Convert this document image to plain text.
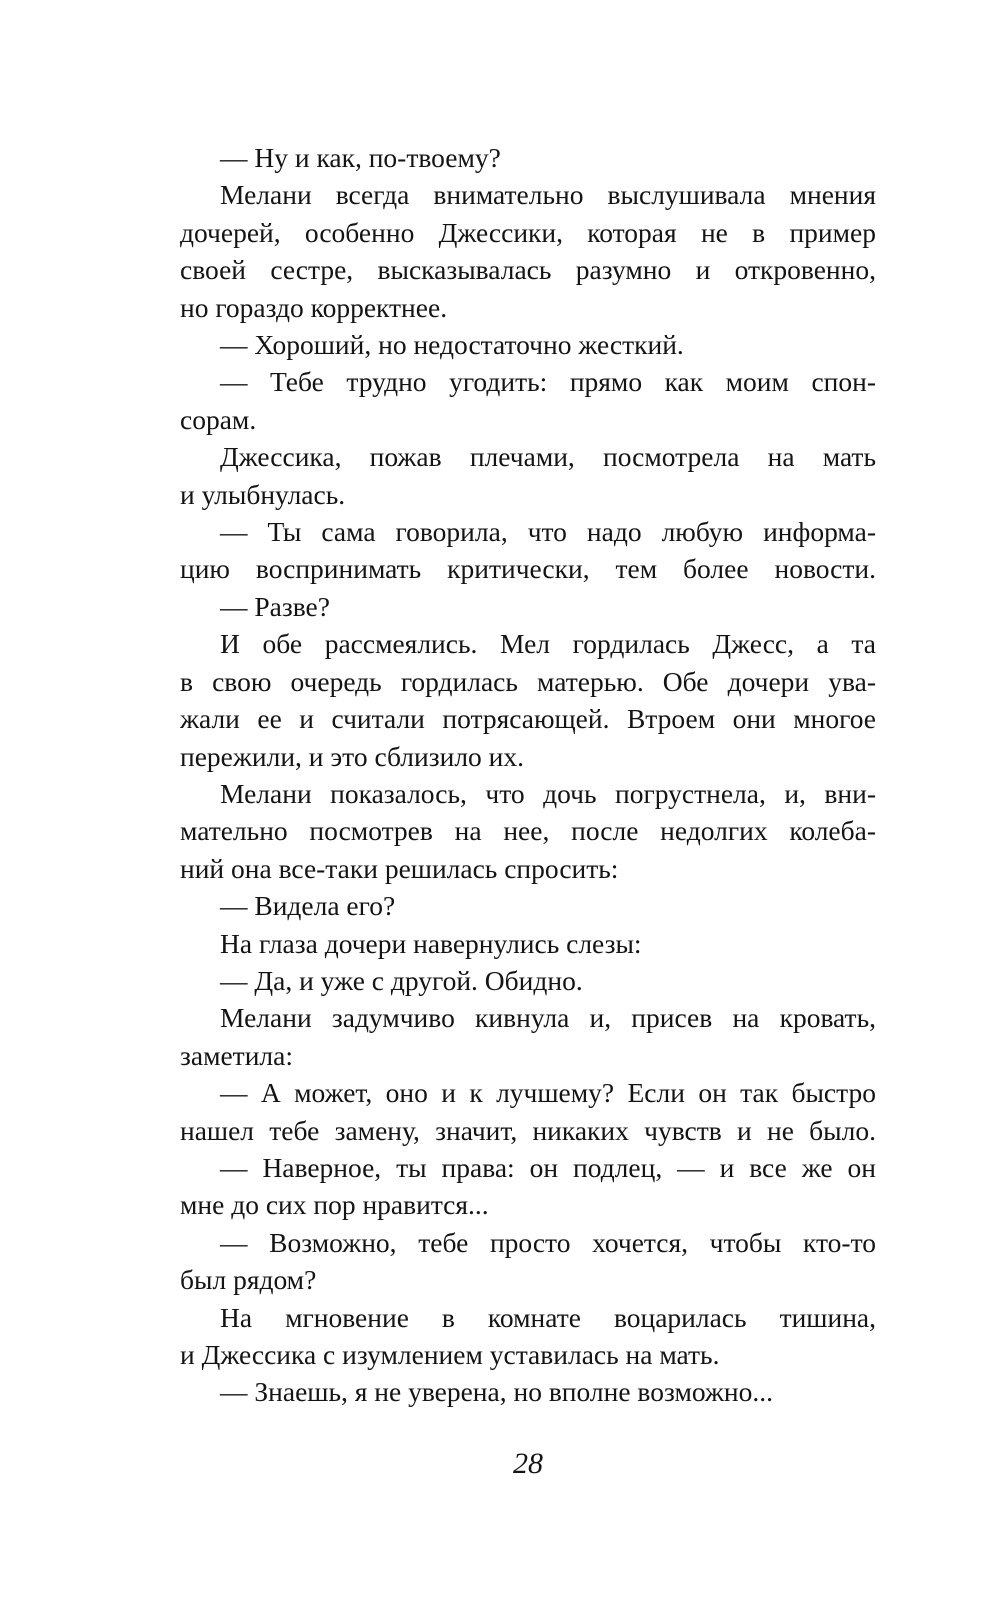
— Ну и как, по-твоему?
Мелани всегда внимательно выслушивала мнения
дочерей, особенно Джессики, которая не в пример
своей сестре, высказывалась разумно и откровенно,
но гораздо корректнее.
— Хороший, но недостаточно жесткий.
— Тебе трудно угодить: прямо как моим спон-
сорам.
Джессика, пожав плечами, посмотрела на мать
и улыбнулась.
— Ты сама говорила, что надо любую информа-
цию воспринимать критически, тем более новости.
— Разве?
И обе рассмеялись. Мел гордилась Джесс, а та
в свою очередь гордилась матерью. Обе дочери ува-
жали ее и считали потрясающей. Втроем они многое
пережили, и это сблизило их.
Мелани показалось, что дочь погрустнела, и, вни-
мательно посмотрев на нее, после недолгих колеба-
ний она все-таки решилась спросить:
— Видела его?
На глаза дочери навернулись слезы:
— Да, и уже с другой. Обидно.
Мелани задумчиво кивнула и, присев на кровать,
заметила:
— А может, оно и к лучшему? Если он так быстро
нашел тебе замену, значит, никаких чувств и не было.
— Наверное, ты права: он подлец, — и все же он
мне до сих пор нравится...
— Возможно, тебе просто хочется, чтобы кто-то
был рядом?
На мгновение в комнате воцарилась тишина,
и Джессика с изумлением уставилась на мать.
— Знаешь, я не уверена, но вполне возможно...
28
